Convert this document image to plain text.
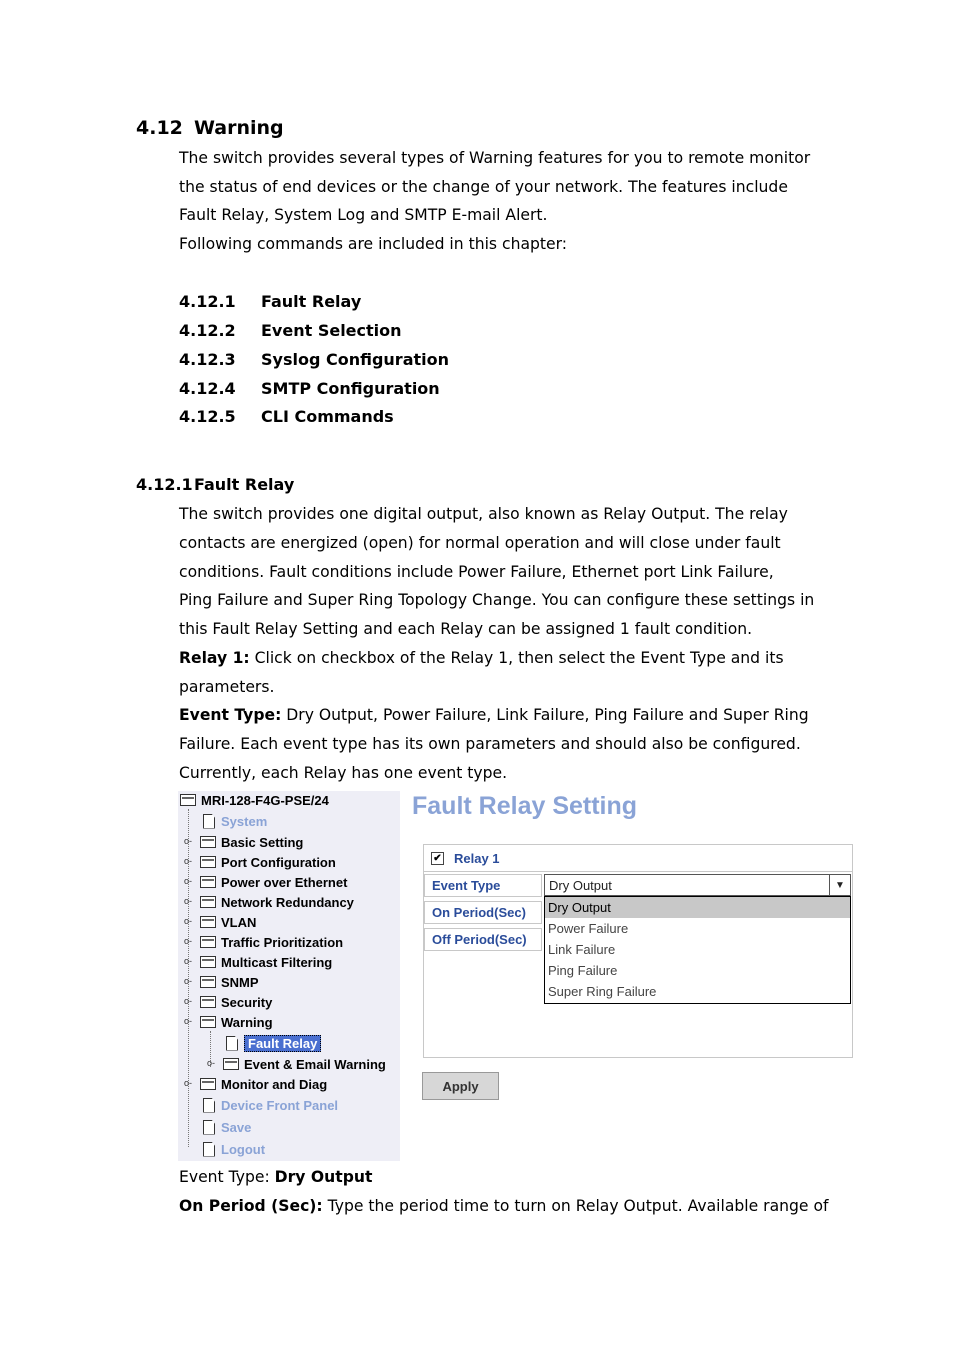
4.12 Warning
The switch provides several types of Warning features for you to remote monitor
the status of end devices or the change of your network. The features include
Fault Relay, System Log and SMTP E-mail Alert.
Following commands are included in this chapter:
4.12.1 Fault Relay
4.12.2 Event Selection
4.12.3 Syslog Configuration
4.12.4 SMTP Configuration
4.12.5 CLI Commands
4.12.1Fault Relay
The switch provides one digital output, also known as Relay Output. The relay
contacts are energized (open) for normal operation and will close under fault
conditions. Fault conditions include Power Failure, Ethernet port Link Failure,
Ping Failure and Super Ring Topology Change. You can configure these settings in
this Fault Relay Setting and each Relay can be assigned 1 fault condition.
Relay 1: Click on checkbox of the Relay 1, then select the Event Type and its
parameters.
Event Type: Dry Output, Power Failure, Link Failure, Ping Failure and Super Ring
Failure. Each event type has its own parameters and should also be configured.
Currently, each Relay has one event type.
MRI-128-F4G-PSE/24
System
o- Basic Setting
o- Port Configuration
o- Power over Ethernet
o- Network Redundancy
o- VLAN
o- Traffic Prioritization
o- Multicast Filtering
o- SNMP
o- Security
o- Warning
Fault Relay
o- Event & Email Warning
o- Monitor and Diag
Device Front Panel
Save
Logout
Fault Relay Setting
✔ Relay 1
Event Type
On Period(Sec)
Off Period(Sec)
Dry Output	▼
Dry Output
Power Failure
Link Failure
Ping Failure
Super Ring Failure
Apply
Event Type: Dry Output
On Period (Sec): Type the period time to turn on Relay Output. Available range of
